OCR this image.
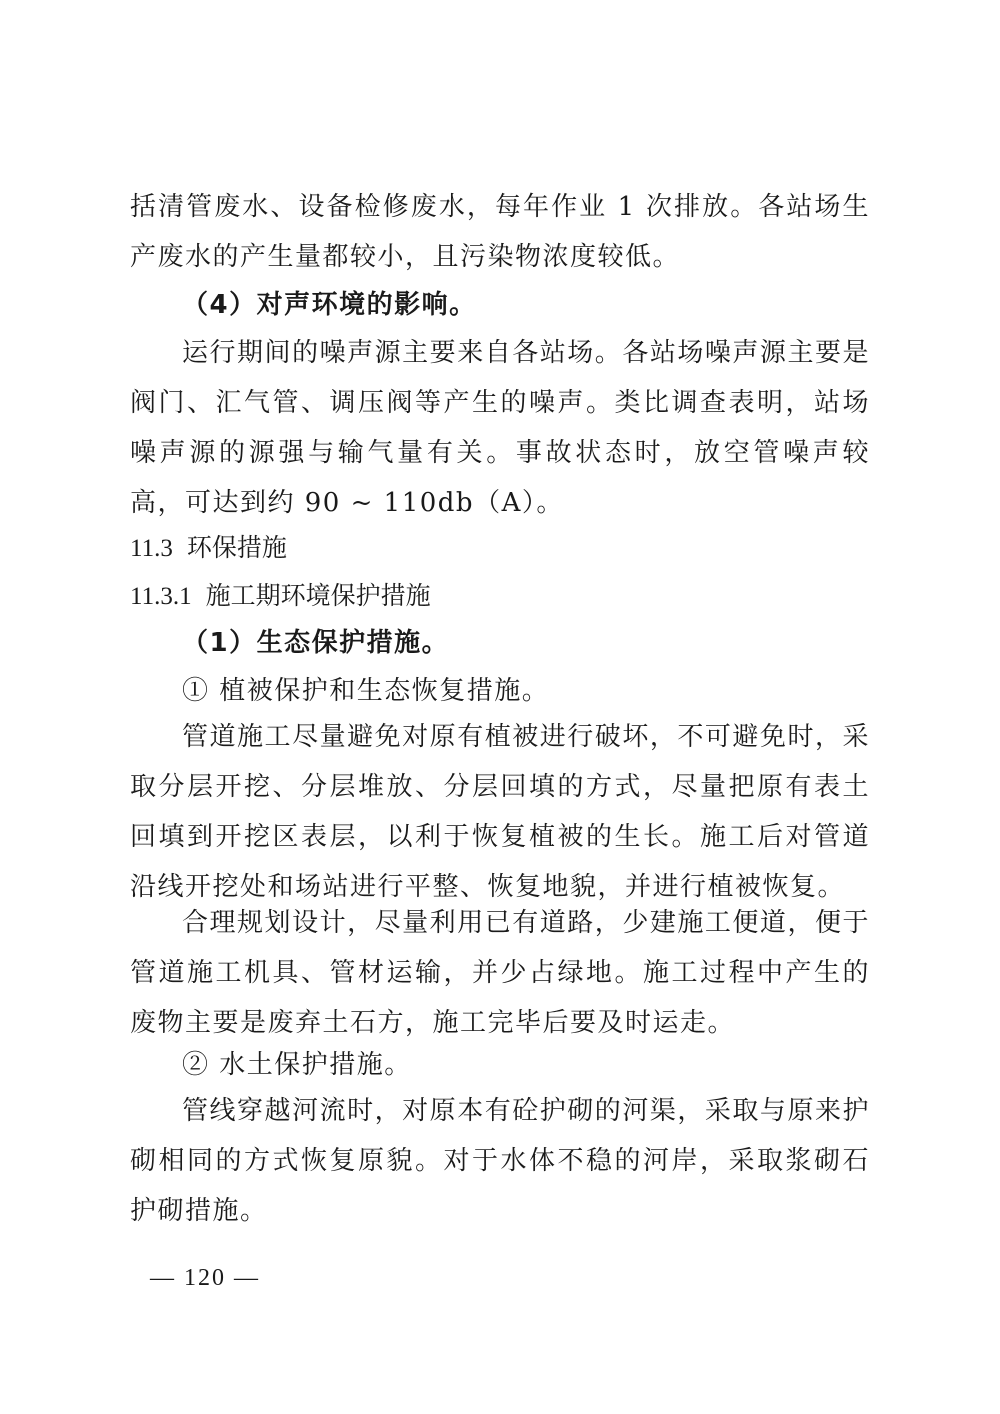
括清管废水、设备检修废水，每年作业 1 次排放。各站场生产废水的产生量都较小，且污染物浓度较低。

（4）对声环境的影响。

运行期间的噪声源主要来自各站场。各站场噪声源主要是阀门、汇气管、调压阀等产生的噪声。类比调查表明，站场噪声源的源强与输气量有关。事故状态时，放空管噪声较高，可达到约 90 ~ 110db（A）。

11.3 环保措施
11.3.1 施工期环境保护措施

（1）生态保护措施。

① 植被保护和生态恢复措施。

管道施工尽量避免对原有植被进行破坏，不可避免时，采取分层开挖、分层堆放、分层回填的方式，尽量把原有表土回填到开挖区表层，以利于恢复植被的生长。施工后对管道沿线开挖处和场站进行平整、恢复地貌，并进行植被恢复。

合理规划设计，尽量利用已有道路，少建施工便道，便于管道施工机具、管材运输，并少占绿地。施工过程中产生的废物主要是废弃土石方，施工完毕后要及时运走。

② 水土保护措施。

管线穿越河流时，对原本有砼护砌的河渠，采取与原来护砌相同的方式恢复原貌。对于水体不稳的河岸，采取浆砌石护砌措施。

— 120 —
